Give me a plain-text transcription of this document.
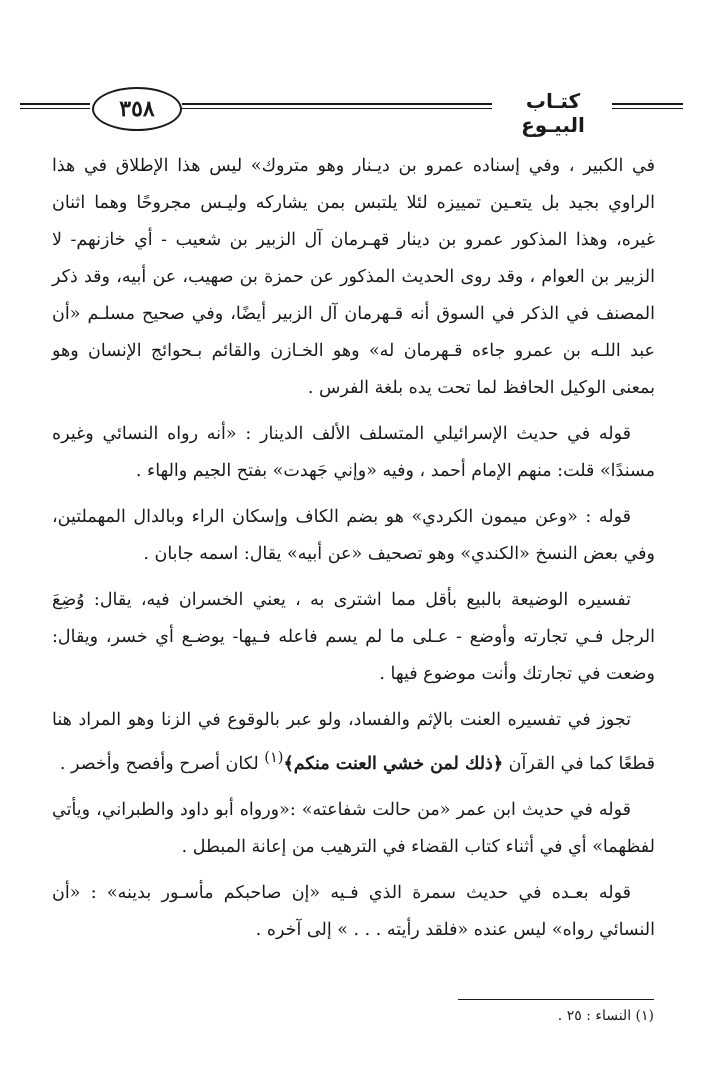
٣٥٨	كتـاب البيـوع

في الكبير ، وفي إسناده عمرو بن ديـنار وهو متروك» ليس هذا الإطلاق في هذا الراوي بجيد بل يتعـين تمييزه لئلا يلتبس بمن يشاركه وليـس مجروحًا وهما اثنان غيره، وهذا المذكور عمرو بن دينار قهـرمان آل الزبير بن شعيب - أي خازنهم- لا الزبير بن العوام ، وقد روى الحديث المذكور عن حمزة بن صهيب، عن أبيه، وقد ذكر المصنف في الذكر في السوق أنه قـهرمان آل الزبير أيضًا، وفي صحيح مسلـم «أن عبد اللـه بن عمرو جاءه قـهرمان له» وهو الخـازن والقائم بـحوائج الإنسان وهو بمعنى الوكيل الحافظ لما تحت يده بلغة الفرس .

قوله في حديث الإسرائيلي المتسلف الألف الدينار : «أنه رواه النسائي وغيره مسندًا» قلت: منهم الإمام أحمد ، وفيه «وإني جَهدت» بفتح الجيم والهاء .

قوله : «وعن ميمون الكردي» هو بضم الكاف وإسكان الراء وبالدال المهملتين، وفي بعض النسخ «الكندي» وهو تصحيف «عن أبيه» يقال: اسمه جابان .

تفسيره الوضيعة بالبيع بأقل مما اشترى به ، يعني الخسران فيه، يقال: وُضِعَ الرجل فـي تجارته وأوضع - عـلى ما لم يسم فاعله فـيها- يوضـع أي خسر، ويقال: وضعت في تجارتك وأنت موضوع فيها .

تجوز في تفسيره العنت بالإثم والفساد، ولو عبر بالوقوع في الزنا وهو المراد هنا قطعًا كما في القرآن ﴿ذلك لمن خشي العنت منكم﴾$^{(١)}$ لكان أصرح وأفصح وأخصر .

قوله في حديث ابن عمر «من حالت شفاعته» :«ورواه أبو داود والطبراني، ويأتي لفظهما» أي في أثناء كتاب القضاء في الترهيب من إعانة المبطل .

قوله بعـده في حديث سمرة الذي فـيه «إن صاحبكم مأسـور بدينه» : «أن النسائي رواه» ليس عنده «فلقد رأيته . . . » إلى آخره .

(١) النساء : ٢٥ .
